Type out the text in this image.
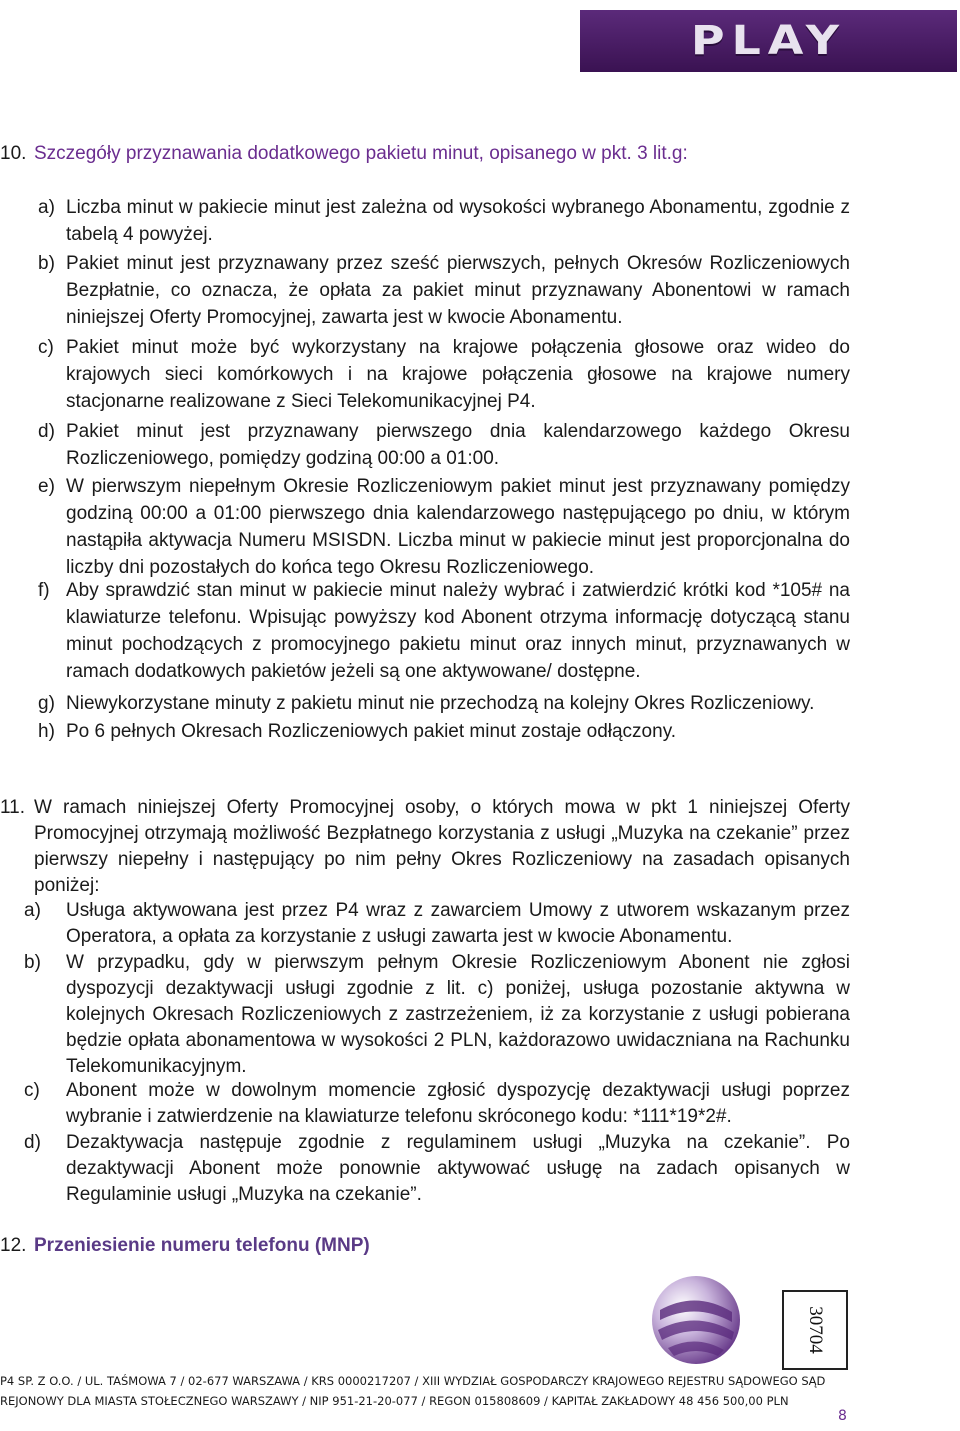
PLAY
10. Szczegóły przyznawania dodatkowego pakietu minut, opisanego w pkt. 3 lit.g:
a) Liczba minut w pakiecie minut jest zależna od wysokości wybranego Abonamentu, zgodnie z tabelą 4 powyżej.
b) Pakiet minut jest przyznawany przez sześć pierwszych, pełnych Okresów Rozliczeniowych Bezpłatnie, co oznacza, że opłata za pakiet minut przyznawany Abonentowi w ramach niniejszej Oferty Promocyjnej, zawarta jest w kwocie Abonamentu.
c) Pakiet minut może być wykorzystany na krajowe połączenia głosowe oraz wideo do krajowych sieci komórkowych i na krajowe połączenia głosowe na krajowe numery stacjonarne realizowane z Sieci Telekomunikacyjnej P4.
d) Pakiet minut jest przyznawany pierwszego dnia kalendarzowego każdego Okresu Rozliczeniowego, pomiędzy godziną 00:00 a 01:00.
e) W pierwszym niepełnym Okresie Rozliczeniowym pakiet minut jest przyznawany pomiędzy godziną 00:00 a 01:00 pierwszego dnia kalendarzowego następującego po dniu, w którym nastąpiła aktywacja Numeru MSISDN. Liczba minut w pakiecie minut jest proporcjonalna do liczby dni pozostałych do końca tego Okresu Rozliczeniowego.
f) Aby sprawdzić stan minut w pakiecie minut należy wybrać i zatwierdzić krótki kod *105# na klawiaturze telefonu. Wpisując powyższy kod Abonent otrzyma informację dotyczącą stanu minut pochodzących z promocyjnego pakietu minut oraz innych minut, przyznawanych w ramach dodatkowych pakietów jeżeli są one aktywowane/ dostępne.
g) Niewykorzystane minuty z pakietu minut nie przechodzą na kolejny Okres Rozliczeniowy.
h) Po 6 pełnych Okresach Rozliczeniowych pakiet minut zostaje odłączony.
11. W ramach niniejszej Oferty Promocyjnej osoby, o których mowa w pkt 1 niniejszej Oferty Promocyjnej otrzymają możliwość Bezpłatnego korzystania z usługi „Muzyka na czekanie” przez pierwszy niepełny i następujący po nim pełny Okres Rozliczeniowy na zasadach opisanych poniżej:
a)	Usługa aktywowana jest przez P4 wraz z zawarciem Umowy z utworem wskazanym przez Operatora, a opłata za korzystanie z usługi zawarta jest w kwocie Abonamentu.
b)	W przypadku, gdy w pierwszym pełnym Okresie Rozliczeniowym Abonent nie zgłosi dyspozycji dezaktywacji usługi zgodnie z lit. c) poniżej, usługa pozostanie aktywna w kolejnych Okresach Rozliczeniowych z zastrzeżeniem, iż za korzystanie z usługi pobierana będzie opłata abonamentowa w wysokości 2 PLN, każdorazowo uwidaczniana na Rachunku Telekomunikacyjnym.
c)	Abonent może w dowolnym momencie zgłosić dyspozycję dezaktywacji usługi poprzez wybranie i zatwierdzenie na klawiaturze telefonu skróconego kodu: *111*19*2#.
d)	Dezaktywacja następuje zgodnie z regulaminem usługi „Muzyka na czekanie”. Po dezaktywacji Abonent może ponownie aktywować usługę na zadach opisanych w Regulaminie usługi „Muzyka na czekanie”.
12. Przeniesienie numeru telefonu (MNP)
30704
P4 SP. Z O.O. / UL. TAŚMOWA 7 / 02-677 WARSZAWA / KRS 0000217207 / XIII WYDZIAŁ GOSPODARCZY KRAJOWEGO REJESTRU SĄDOWEGO SĄD
REJONOWY DLA MIASTA STOŁECZNEGO WARSZAWY / NIP 951-21-20-077 / REGON 015808609 / KAPITAŁ ZAKŁADOWY 48 456 500,00 PLN
8
